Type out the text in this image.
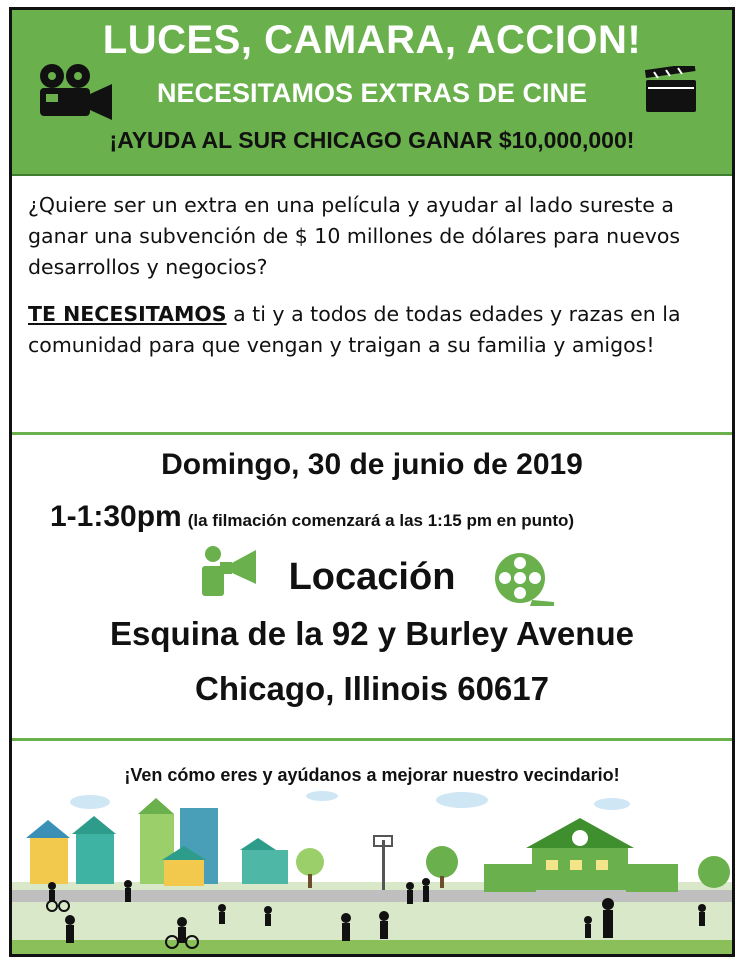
LUCES, CAMARA, ACCION!
NECESITAMOS EXTRAS DE CINE
¡AYUDA AL SUR CHICAGO GANAR $10,000,000!

¿Quiere ser un extra en una película y ayudar al lado sureste a ganar una subvención de $ 10 millones de dólares para nuevos desarrollos y negocios?

TE NECESITAMOS a ti y a todos de todas edades y razas en la comunidad para que vengan y traigan a su familia y amigos!

Domingo, 30 de junio de 2019
1-1:30pm (la filmación comenzará a las 1:15 pm en punto)
Locación
Esquina de la 92 y Burley Avenue
Chicago, Illinois 60617
¡Ven cómo eres y ayúdanos a mejorar nuestro vecindario!
